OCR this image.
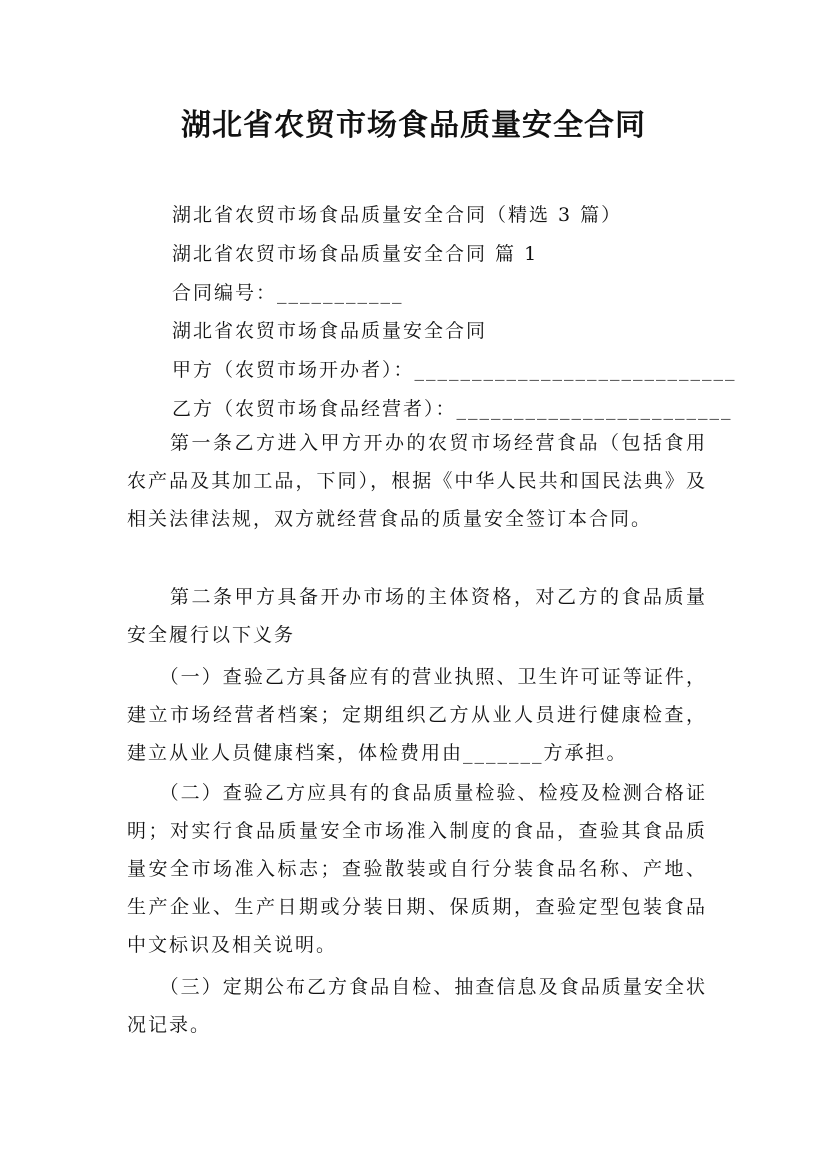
湖北省农贸市场食品质量安全合同
湖北省农贸市场食品质量安全合同（精选 3 篇）
湖北省农贸市场食品质量安全合同 篇 1
合同编号：___________
湖北省农贸市场食品质量安全合同
甲方（农贸市场开办者）：____________________________
乙方（农贸市场食品经营者）：________________________
　　第一条乙方进入甲方开办的农贸市场经营食品（包括食用农产品及其加工品，下同），根据《中华人民共和国民法典》及相关法律法规，双方就经营食品的质量安全签订本合同。
　　第二条甲方具备开办市场的主体资格，对乙方的食品质量安全履行以下义务
　　（一）查验乙方具备应有的营业执照、卫生许可证等证件，建立市场经营者档案；定期组织乙方从业人员进行健康检查，建立从业人员健康档案，体检费用由_______方承担。
　　（二）查验乙方应具有的食品质量检验、检疫及检测合格证明；对实行食品质量安全市场准入制度的食品，查验其食品质量安全市场准入标志；查验散装或自行分装食品名称、产地、生产企业、生产日期或分装日期、保质期，查验定型包装食品中文标识及相关说明。
　　（三）定期公布乙方食品自检、抽查信息及食品质量安全状况记录。
